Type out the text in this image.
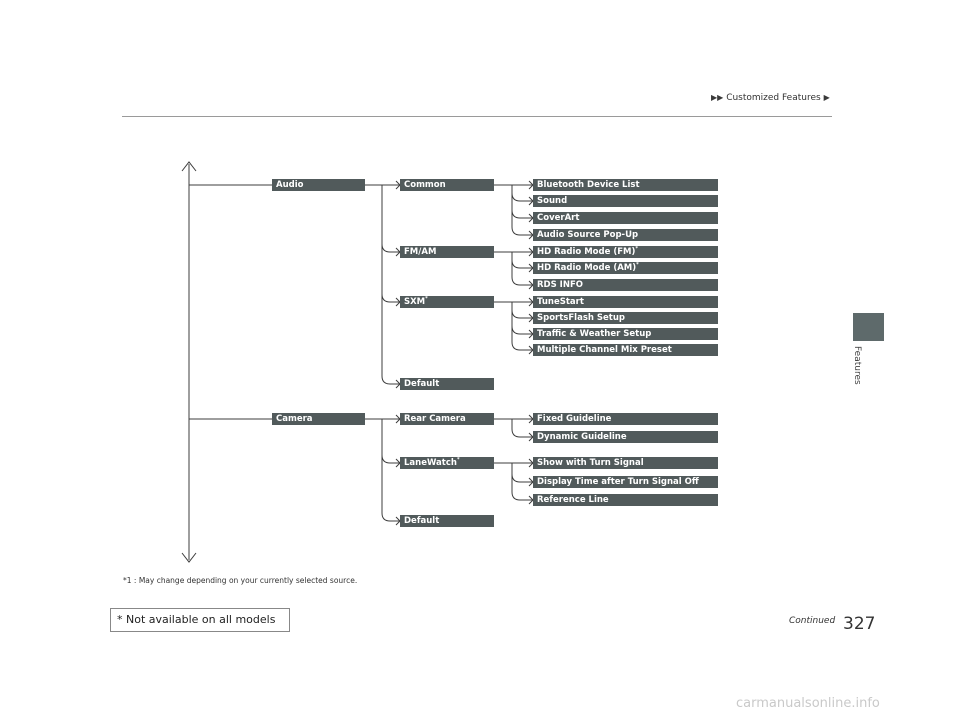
▶▶ Customized Features ▶
Features
Audio
Camera
Common
FM/AM
SXM*
Default
Rear Camera
LaneWatch*
Default
Bluetooth Device List
Sound
CoverArt
Audio Source Pop-Up
HD Radio Mode (FM)*
HD Radio Mode (AM)*
RDS INFO
TuneStart
SportsFlash Setup
Traffic & Weather Setup
Multiple Channel Mix Preset
Fixed Guideline
Dynamic Guideline
Show with Turn Signal
Display Time after Turn Signal Off
Reference Line
*1 : May change depending on your currently selected source.
* Not available on all models	Continued 327
carmanualsonline.info
